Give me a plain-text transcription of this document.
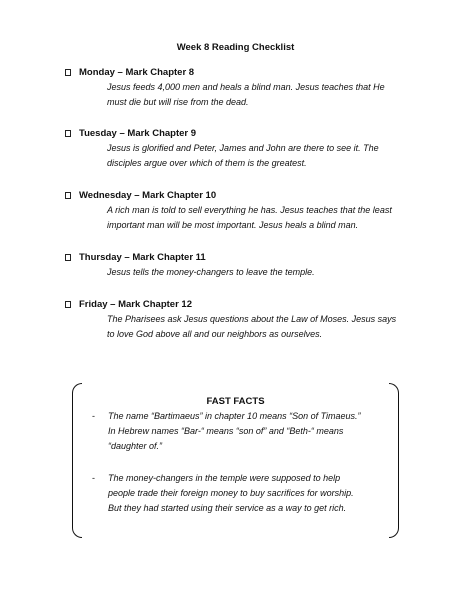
Week 8 Reading Checklist
Monday – Mark Chapter 8
Jesus feeds 4,000 men and heals a blind man. Jesus teaches that He
must die but will rise from the dead.
Tuesday – Mark Chapter 9
Jesus is glorified and Peter, James and John are there to see it. The
disciples argue over which of them is the greatest.
Wednesday – Mark Chapter 10
A rich man is told to sell everything he has. Jesus teaches that the least
important man will be most important. Jesus heals a blind man.
Thursday – Mark Chapter 11
Jesus tells the money-changers to leave the temple.
Friday – Mark Chapter 12
The Pharisees ask Jesus questions about the Law of Moses. Jesus says
to love God above all and our neighbors as ourselves.
FAST FACTS
-	The name “Bartimaeus” in chapter 10 means “Son of Timaeus.”
In Hebrew names “Bar-“ means “son of” and “Beth-“ means
“daughter of.”
-	The money-changers in the temple were supposed to help
people trade their foreign money to buy sacrifices for worship.
But they had started using their service as a way to get rich.
